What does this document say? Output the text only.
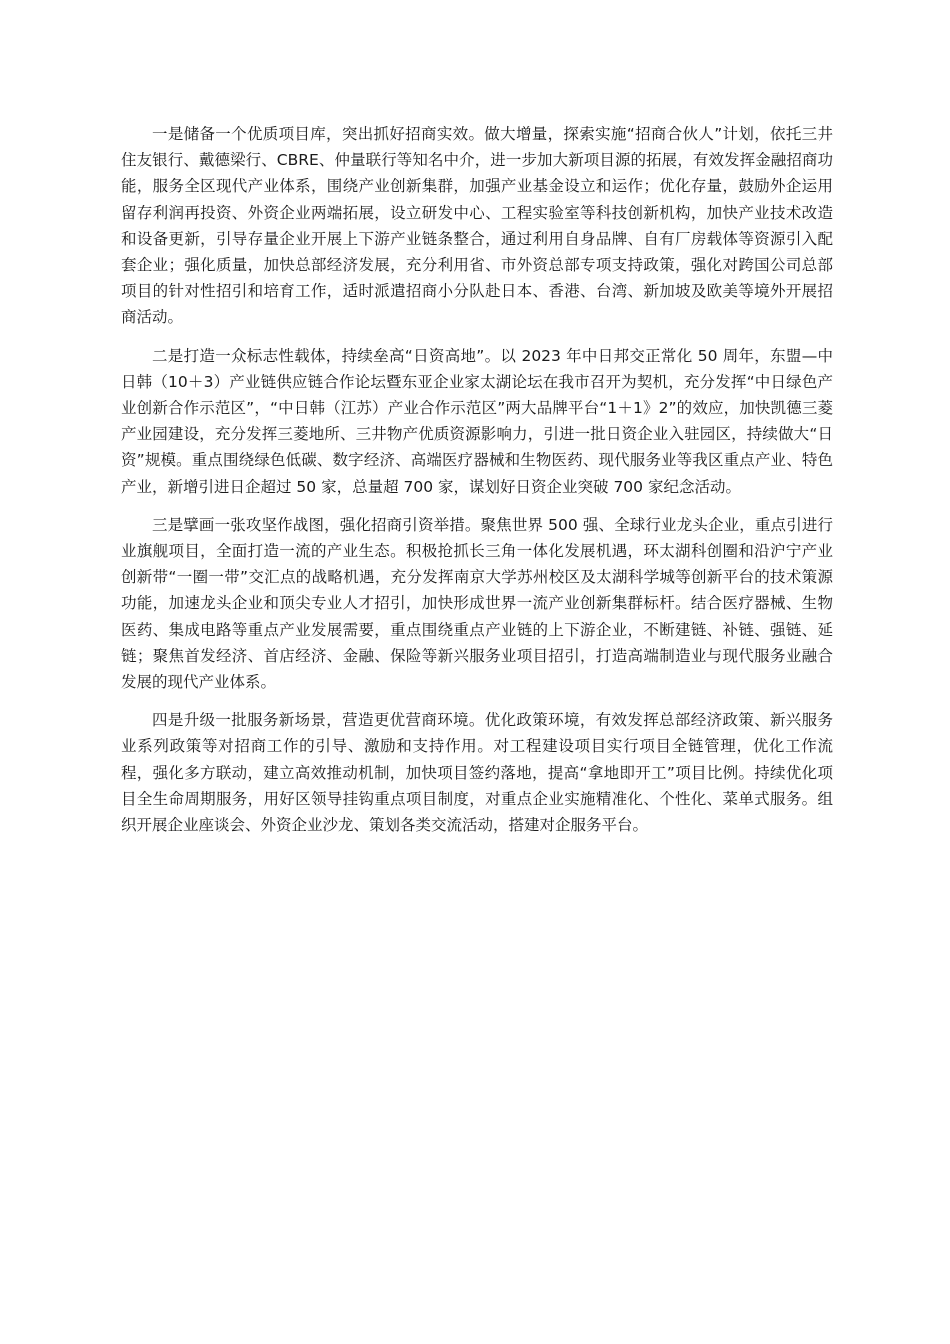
一是储备一个优质项目库，突出抓好招商实效。做大增量，探索实施“招商合伙人”计划，依托三井住友银行、戴德梁行、CBRE、仲量联行等知名中介，进一步加大新项目源的拓展，有效发挥金融招商功能，服务全区现代产业体系，围绕产业创新集群，加强产业基金设立和运作；优化存量，鼓励外企运用留存利润再投资、外资企业两端拓展，设立研发中心、工程实验室等科技创新机构，加快产业技术改造和设备更新，引导存量企业开展上下游产业链条整合，通过利用自身品牌、自有厂房载体等资源引入配套企业；强化质量，加快总部经济发展，充分利用省、市外资总部专项支持政策，强化对跨国公司总部项目的针对性招引和培育工作，适时派遣招商小分队赴日本、香港、台湾、新加坡及欧美等境外开展招商活动。

二是打造一众标志性载体，持续垒高“日资高地”。以 2023 年中日邦交正常化 50 周年，东盟—中日韩（10＋3）产业链供应链合作论坛暨东亚企业家太湖论坛在我市召开为契机，充分发挥“中日绿色产业创新合作示范区”，“中日韩（江苏）产业合作示范区”两大品牌平台“1＋1》2”的效应，加快凯德三菱产业园建设，充分发挥三菱地所、三井物产优质资源影响力，引进一批日资企业入驻园区，持续做大“日资”规模。重点围绕绿色低碳、数字经济、高端医疗器械和生物医药、现代服务业等我区重点产业、特色产业，新增引进日企超过 50 家，总量超 700 家，谋划好日资企业突破 700 家纪念活动。

三是擘画一张攻坚作战图，强化招商引资举措。聚焦世界 500 强、全球行业龙头企业，重点引进行业旗舰项目，全面打造一流的产业生态。积极抢抓长三角一体化发展机遇，环太湖科创圈和沿沪宁产业创新带“一圈一带”交汇点的战略机遇，充分发挥南京大学苏州校区及太湖科学城等创新平台的技术策源功能，加速龙头企业和顶尖专业人才招引，加快形成世界一流产业创新集群标杆。结合医疗器械、生物医药、集成电路等重点产业发展需要，重点围绕重点产业链的上下游企业，不断建链、补链、强链、延链；聚焦首发经济、首店经济、金融、保险等新兴服务业项目招引，打造高端制造业与现代服务业融合发展的现代产业体系。

四是升级一批服务新场景，营造更优营商环境。优化政策环境，有效发挥总部经济政策、新兴服务业系列政策等对招商工作的引导、激励和支持作用。对工程建设项目实行项目全链管理，优化工作流程，强化多方联动，建立高效推动机制，加快项目签约落地，提高“拿地即开工”项目比例。持续优化项目全生命周期服务，用好区领导挂钩重点项目制度，对重点企业实施精准化、个性化、菜单式服务。组织开展企业座谈会、外资企业沙龙、策划各类交流活动，搭建对企服务平台。
